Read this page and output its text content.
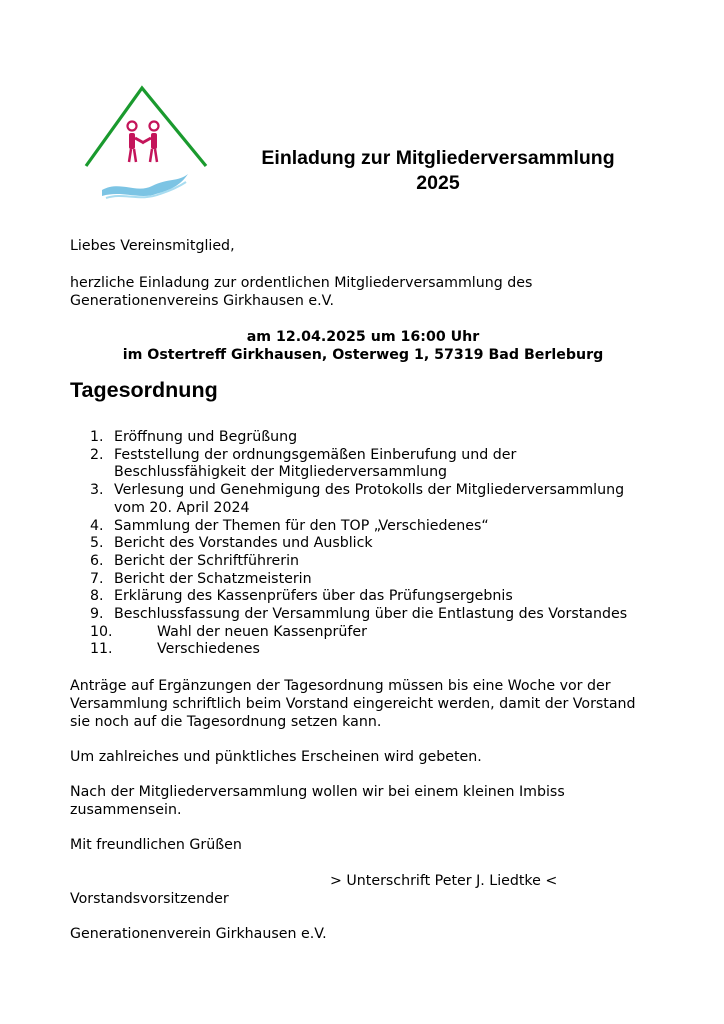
Einladung zur Mitgliederversammlung
2025
Liebes Vereinsmitglied,
herzliche Einladung zur ordentlichen Mitgliederversammlung des
Generationenvereins Girkhausen e.V.
am 12.04.2025 um 16:00 Uhr
im Ostertreff Girkhausen, Osterweg 1, 57319 Bad Berleburg
Tagesordnung
1. Eröffnung und Begrüßung
2. Feststellung der ordnungsgemäßen Einberufung und der
Beschlussfähigkeit der Mitgliederversammlung
3. Verlesung und Genehmigung des Protokolls der Mitgliederversammlung
vom 20. April 2024
4. Sammlung der Themen für den TOP „Verschiedenes“
5. Bericht des Vorstandes und Ausblick
6. Bericht der Schriftführerin
7. Bericht der Schatzmeisterin
8. Erklärung des Kassenprüfers über das Prüfungsergebnis
9. Beschlussfassung der Versammlung über die Entlastung des Vorstandes
10.	Wahl der neuen Kassenprüfer
11.	Verschiedenes
Anträge auf Ergänzungen der Tagesordnung müssen bis eine Woche vor der
Versammlung schriftlich beim Vorstand eingereicht werden, damit der Vorstand
sie noch auf die Tagesordnung setzen kann.
Um zahlreiches und pünktliches Erscheinen wird gebeten.
Nach der Mitgliederversammlung wollen wir bei einem kleinen Imbiss
zusammensein.
Mit freundlichen Grüßen
> Unterschrift Peter J. Liedtke <
Vorstandsvorsitzender
Generationenverein Girkhausen e.V.
